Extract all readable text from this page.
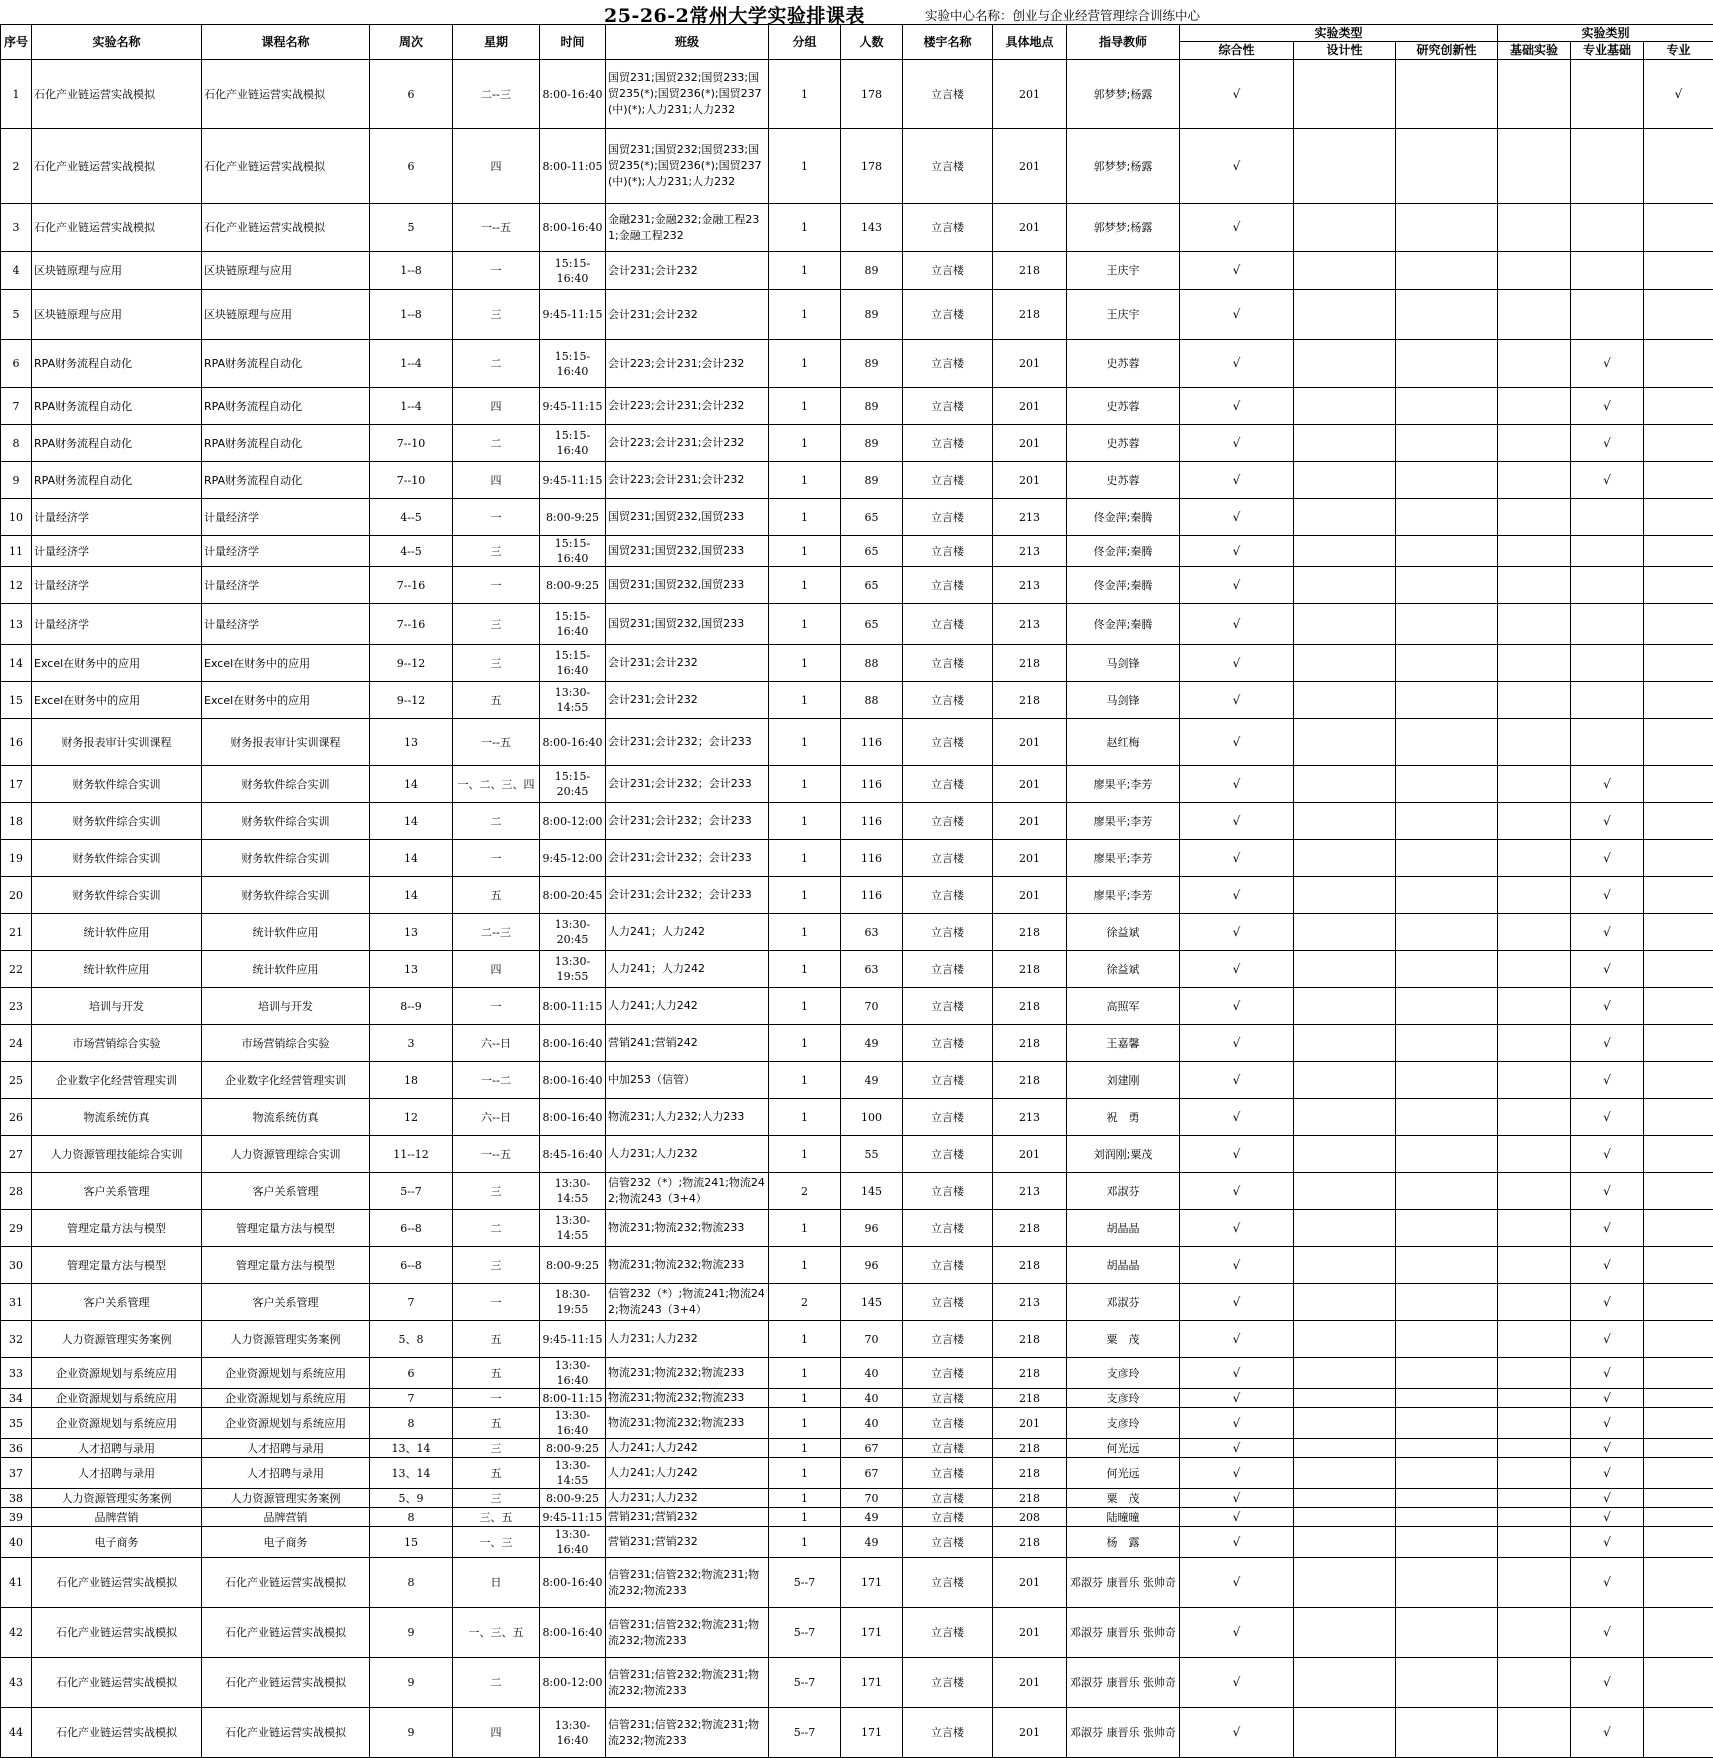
25-26-2常州大学实验排课表	实验中心名称：创业与企业经营管理综合训练中心
序号	实验名称	课程名称	周次	星期	时间	班级	分组	人数	楼宇名称	具体地点	指导教师	实验类型			实验类别		
												综合性	设计性	研究创新性	基础实验	专业基础	专业
1	石化产业链运营实战模拟	石化产业链运营实战模拟	6	二--三	8:00-16:40	国贸231;国贸232;国贸233;国贸235(*);国贸236(*);国贸237(中)(*);人力231;人力232	1	178	立言楼	201	郭梦梦;杨露	√					√
2	石化产业链运营实战模拟	石化产业链运营实战模拟	6	四	8:00-11:05	国贸231;国贸232;国贸233;国贸235(*);国贸236(*);国贸237(中)(*);人力231;人力232	1	178	立言楼	201	郭梦梦;杨露	√					
3	石化产业链运营实战模拟	石化产业链运营实战模拟	5	一--五	8:00-16:40	金融231;金融232;金融工程231;金融工程232	1	143	立言楼	201	郭梦梦;杨露	√					
4	区块链原理与应用	区块链原理与应用	1--8	一	15:15-16:40	会计231;会计232	1	89	立言楼	218	王庆宇	√					
5	区块链原理与应用	区块链原理与应用	1--8	三	9:45-11:15	会计231;会计232	1	89	立言楼	218	王庆宇	√					
6	RPA财务流程自动化	RPA财务流程自动化	1--4	二	15:15-16:40	会计223;会计231;会计232	1	89	立言楼	201	史苏蓉	√				√	
7	RPA财务流程自动化	RPA财务流程自动化	1--4	四	9:45-11:15	会计223;会计231;会计232	1	89	立言楼	201	史苏蓉	√				√	
8	RPA财务流程自动化	RPA财务流程自动化	7--10	二	15:15-16:40	会计223;会计231;会计232	1	89	立言楼	201	史苏蓉	√				√	
9	RPA财务流程自动化	RPA财务流程自动化	7--10	四	9:45-11:15	会计223;会计231;会计232	1	89	立言楼	201	史苏蓉	√				√	
10	计量经济学	计量经济学	4--5	一	8:00-9:25	国贸231;国贸232,国贸233	1	65	立言楼	213	佟金萍;秦腾	√					
11	计量经济学	计量经济学	4--5	三	15:15-16:40	国贸231;国贸232,国贸233	1	65	立言楼	213	佟金萍;秦腾	√					
12	计量经济学	计量经济学	7--16	一	8:00-9:25	国贸231;国贸232,国贸233	1	65	立言楼	213	佟金萍;秦腾	√					
13	计量经济学	计量经济学	7--16	三	15:15-16:40	国贸231;国贸232,国贸233	1	65	立言楼	213	佟金萍;秦腾	√					
14	Excel在财务中的应用	Excel在财务中的应用	9--12	三	15:15-16:40	会计231;会计232	1	88	立言楼	218	马剑锋	√					
15	Excel在财务中的应用	Excel在财务中的应用	9--12	五	13:30-14:55	会计231;会计232	1	88	立言楼	218	马剑锋	√					
16	财务报表审计实训课程	财务报表审计实训课程	13	一--五	8:00-16:40	会计231;会计232；会计233	1	116	立言楼	201	赵红梅	√					
17	财务软件综合实训	财务软件综合实训	14	一、二、三、四	15:15-20:45	会计231;会计232；会计233	1	116	立言楼	201	廖果平;李芳	√				√	
18	财务软件综合实训	财务软件综合实训	14	二	8:00-12:00	会计231;会计232；会计233	1	116	立言楼	201	廖果平;李芳	√				√	
19	财务软件综合实训	财务软件综合实训	14	一	9:45-12:00	会计231;会计232；会计233	1	116	立言楼	201	廖果平;李芳	√				√	
20	财务软件综合实训	财务软件综合实训	14	五	8:00-20:45	会计231;会计232；会计233	1	116	立言楼	201	廖果平;李芳	√				√	
21	统计软件应用	统计软件应用	13	二--三	13:30-20:45	人力241；人力242	1	63	立言楼	218	徐益斌	√				√	
22	统计软件应用	统计软件应用	13	四	13:30-19:55	人力241；人力242	1	63	立言楼	218	徐益斌	√				√	
23	培训与开发	培训与开发	8--9	一	8:00-11:15	人力241;人力242	1	70	立言楼	218	高照军	√				√	
24	市场营销综合实验	市场营销综合实验	3	六--日	8:00-16:40	营销241;营销242	1	49	立言楼	218	王嘉馨	√				√	
25	企业数字化经营管理实训	企业数字化经营管理实训	18	一--二	8:00-16:40	中加253（信管）	1	49	立言楼	218	刘建刚	√				√	
26	物流系统仿真	物流系统仿真	12	六--日	8:00-16:40	物流231;人力232;人力233	1	100	立言楼	213	祝　勇	√				√	
27	人力资源管理技能综合实训	人力资源管理综合实训	11--12	一--五	8:45-16:40	人力231;人力232	1	55	立言楼	201	刘润刚;粟茂	√				√	
28	客户关系管理	客户关系管理	5--7	三	13:30-14:55	信管232（*）;物流241;物流242;物流243（3+4）	2	145	立言楼	213	邓淑芬	√				√	
29	管理定量方法与模型	管理定量方法与模型	6--8	二	13:30-14:55	物流231;物流232;物流233	1	96	立言楼	218	胡晶晶	√				√	
30	管理定量方法与模型	管理定量方法与模型	6--8	三	8:00-9:25	物流231;物流232;物流233	1	96	立言楼	218	胡晶晶	√				√	
31	客户关系管理	客户关系管理	7	一	18:30-19:55	信管232（*）;物流241;物流242;物流243（3+4）	2	145	立言楼	213	邓淑芬	√				√	
32	人力资源管理实务案例	人力资源管理实务案例	5、8	五	9:45-11:15	人力231;人力232	1	70	立言楼	218	粟　茂	√				√	
33	企业资源规划与系统应用	企业资源规划与系统应用	6	五	13:30-16:40	物流231;物流232;物流233	1	40	立言楼	218	支彦玲	√				√	
34	企业资源规划与系统应用	企业资源规划与系统应用	7	一	8:00-11:15	物流231;物流232;物流233	1	40	立言楼	218	支彦玲	√				√	
35	企业资源规划与系统应用	企业资源规划与系统应用	8	五	13:30-16:40	物流231;物流232;物流233	1	40	立言楼	201	支彦玲	√				√	
36	人才招聘与录用	人才招聘与录用	13、14	三	8:00-9:25	人力241;人力242	1	67	立言楼	218	何光远	√				√	
37	人才招聘与录用	人才招聘与录用	13、14	五	13:30-14:55	人力241;人力242	1	67	立言楼	218	何光远	√				√	
38	人力资源管理实务案例	人力资源管理实务案例	5、9	三	8:00-9:25	人力231;人力232	1	70	立言楼	218	粟　茂	√				√	
39	品牌营销	品牌营销	8	三、五	9:45-11:15	营销231;营销232	1	49	立言楼	208	陆曈曈	√				√	
40	电子商务	电子商务	15	一、三	13:30-16:40	营销231;营销232	1	49	立言楼	218	杨　露	√				√	
41	石化产业链运营实战模拟	石化产业链运营实战模拟	8	日	8:00-16:40	信管231;信管232;物流231;物流232;物流233	5--7	171	立言楼	201	邓淑芬 康晋乐 张帅奇	√				√	
42	石化产业链运营实战模拟	石化产业链运营实战模拟	9	一、三、五	8:00-16:40	信管231;信管232;物流231;物流232;物流233	5--7	171	立言楼	201	邓淑芬 康晋乐 张帅奇	√				√	
43	石化产业链运营实战模拟	石化产业链运营实战模拟	9	二	8:00-12:00	信管231;信管232;物流231;物流232;物流233	5--7	171	立言楼	201	邓淑芬 康晋乐 张帅奇	√				√	
44	石化产业链运营实战模拟	石化产业链运营实战模拟	9	四	13:30-16:40	信管231;信管232;物流231;物流232;物流233	5--7	171	立言楼	201	邓淑芬 康晋乐 张帅奇	√				√	
